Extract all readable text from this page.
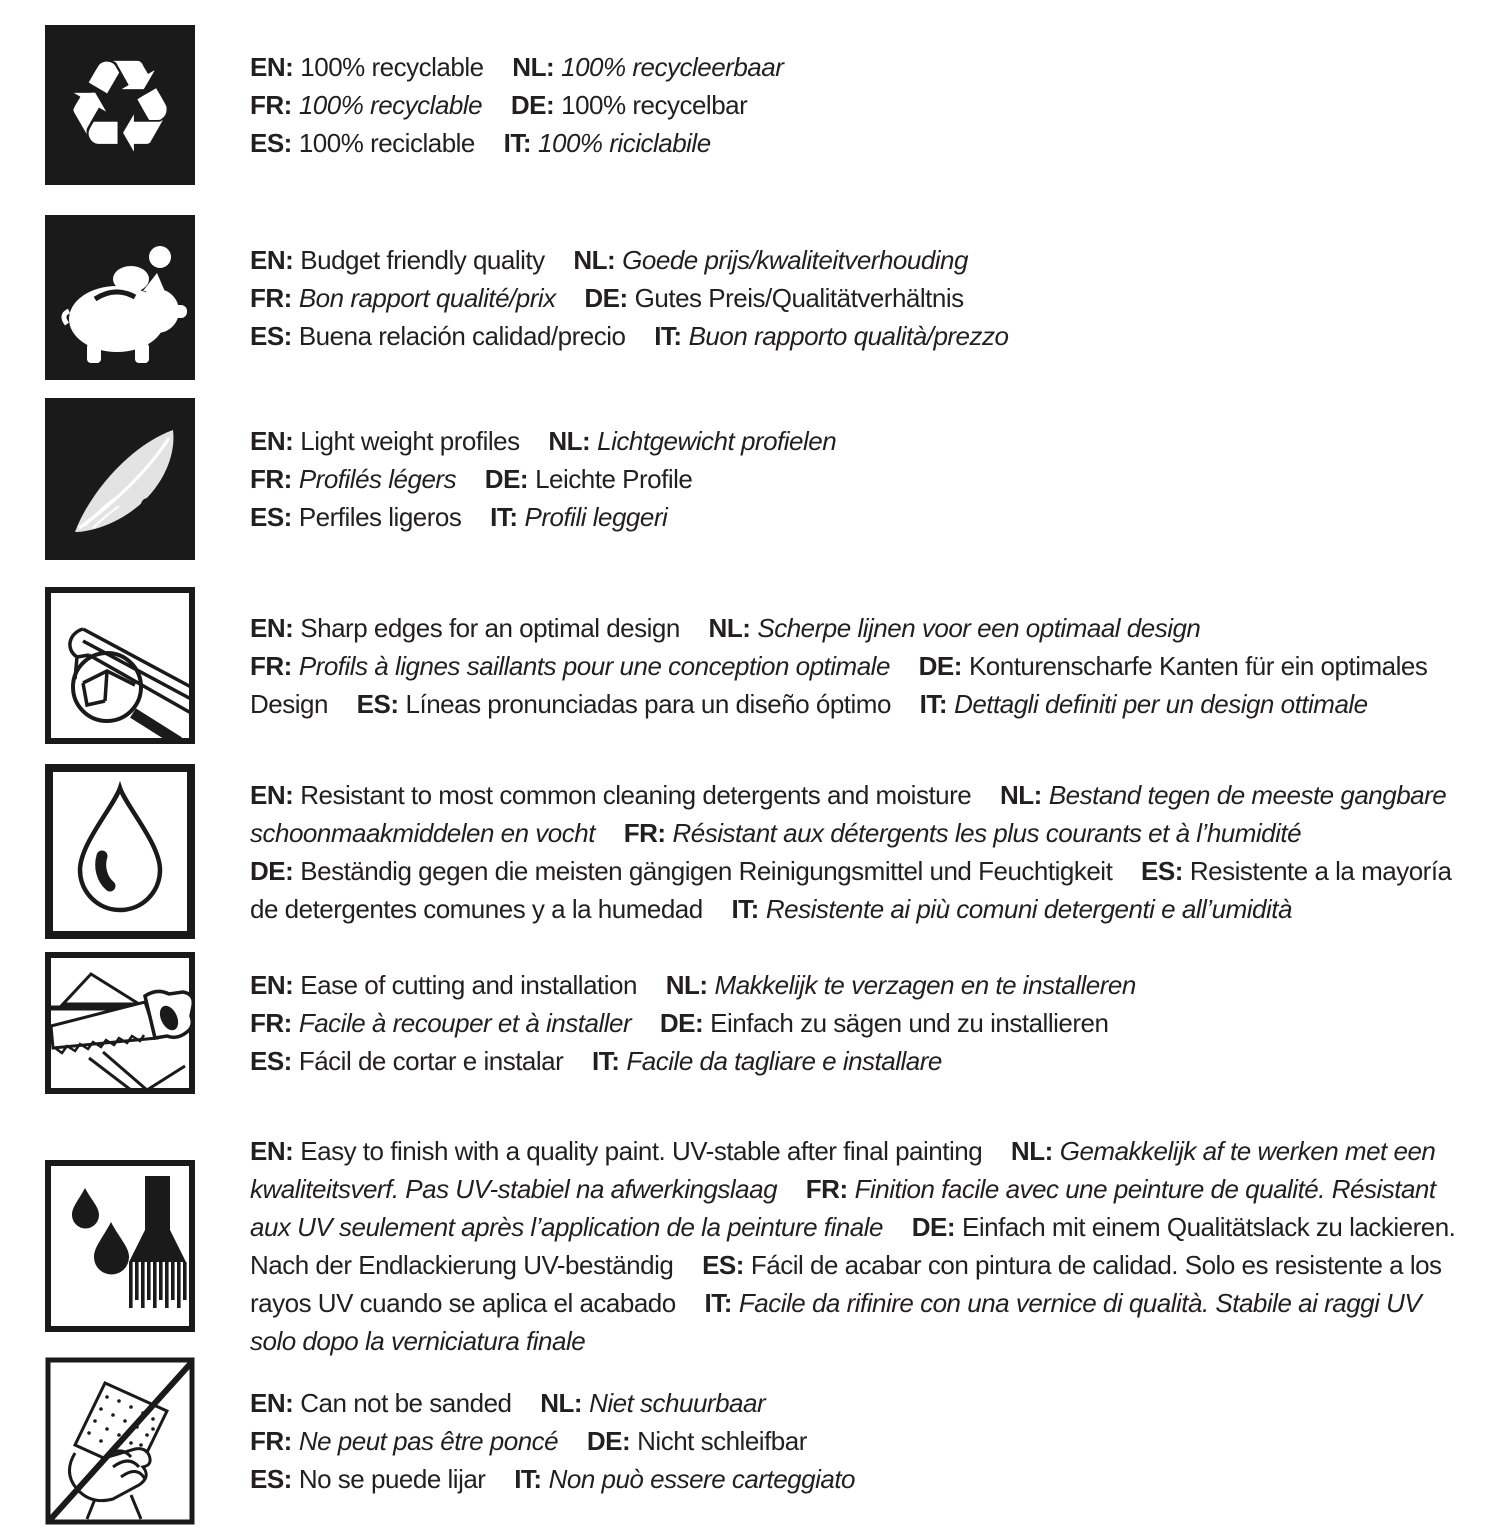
♻	EN: 100% recyclable NL: 100% recycleerbaar
FR: 100% recyclable DE: 100% recycelbar
ES: 100% reciclable IT: 100% riciclabile
EN: Budget friendly quality NL: Goede prijs/kwaliteitverhouding
FR: Bon rapport qualité/prix DE: Gutes Preis/Qualitätverhältnis
ES: Buena relación calidad/precio IT: Buon rapporto qualità/prezzo
EN: Light weight profiles NL: Lichtgewicht profielen
FR: Profilés légers DE: Leichte Profile
ES: Perfiles ligeros IT: Profili leggeri
EN: Sharp edges for an optimal design NL: Scherpe lijnen voor een optimaal design
FR: Profils à lignes saillants pour une conception optimale DE: Konturenscharfe Kanten für ein optimales Design ES: Líneas pronunciadas para un diseño óptimo IT: Dettagli definiti per un design ottimale
EN: Resistant to most common cleaning detergents and moisture NL: Bestand tegen de meeste gangbare schoonmaakmiddelen en vocht FR: Résistant aux détergents les plus courants et à l’humidité DE: Beständig gegen die meisten gängigen Reinigungsmittel und Feuchtigkeit ES: Resistente a la mayoría de detergentes comunes y a la humedad IT: Resistente ai più comuni detergenti e all’umidità
EN: Ease of cutting and installation NL: Makkelijk te verzagen en te installeren
FR: Facile à recouper et à installer DE: Einfach zu sägen und zu installieren
ES: Fácil de cortar e instalar IT: Facile da tagliare e installare
EN: Easy to finish with a quality paint. UV-stable after final painting NL: Gemakkelijk af te werken met een kwaliteitsverf. Pas UV-stabiel na afwerkingslaag FR: Finition facile avec une peinture de qualité. Résistant aux UV seulement après l’application de la peinture finale DE: Einfach mit einem Qualitätslack zu lackieren. Nach der Endlackierung UV-beständig ES: Fácil de acabar con pintura de calidad. Solo es resistente a los rayos UV cuando se aplica el acabado IT: Facile da rifinire con una vernice di qualità. Stabile ai raggi UV solo dopo la verniciatura finale
EN: Can not be sanded NL: Niet schuurbaar
FR: Ne peut pas être poncé DE: Nicht schleifbar
ES: No se puede lijar IT: Non può essere carteggiato
